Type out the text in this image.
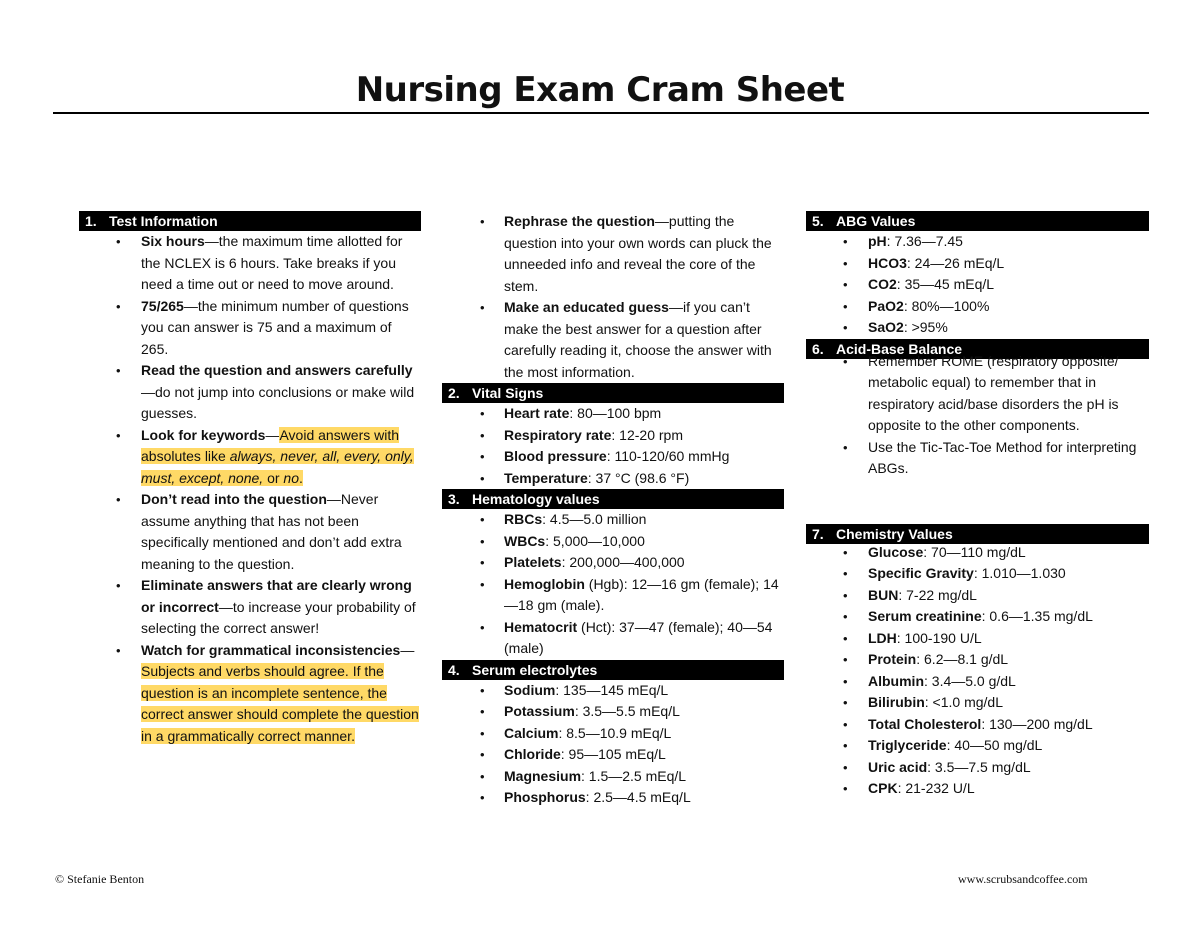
Nursing Exam Cram Sheet
1. Test Information
• Six hours—the maximum time allotted for the NCLEX is 6 hours. Take breaks if you need a time out or need to move around.
• 75/265—the minimum number of questions you can answer is 75 and a maximum of 265.
• Read the question and answers carefully—do not jump into conclusions or make wild guesses.
• Look for keywords—Avoid answers with absolutes like always, never, all, every, only, must, except, none, or no.
• Don’t read into the question—Never assume anything that has not been specifically mentioned and don’t add extra meaning to the question.
• Eliminate answers that are clearly wrong or incorrect—to increase your probability of selecting the correct answer!
• Watch for grammatical inconsistencies—Subjects and verbs should agree. If the question is an incomplete sentence, the correct answer should complete the question in a grammatically correct manner.
• Rephrase the question—putting the question into your own words can pluck the unneeded info and reveal the core of the stem.
• Make an educated guess—if you can’t make the best answer for a question after carefully reading it, choose the answer with the most information.
2. Vital Signs
• Heart rate: 80—100 bpm
• Respiratory rate: 12-20 rpm
• Blood pressure: 110-120/60 mmHg
• Temperature: 37 °C (98.6 °F)
3. Hematology values
• RBCs: 4.5—5.0 million
• WBCs: 5,000—10,000
• Platelets: 200,000—400,000
• Hemoglobin (Hgb): 12—16 gm (female); 14—18 gm (male).
• Hematocrit (Hct): 37—47 (female); 40—54 (male)
4. Serum electrolytes
• Sodium: 135—145 mEq/L
• Potassium: 3.5—5.5 mEq/L
• Calcium: 8.5—10.9 mEq/L
• Chloride: 95—105 mEq/L
• Magnesium: 1.5—2.5 mEq/L
• Phosphorus: 2.5—4.5 mEq/L
5. ABG Values
• pH: 7.36—7.45
• HCO3: 24—26 mEq/L
• CO2: 35—45 mEq/L
• PaO2: 80%—100%
• SaO2: >95%
6. Acid-Base Balance
• Remember ROME (respiratory opposite/ metabolic equal) to remember that in respiratory acid/base disorders the pH is opposite to the other components.
• Use the Tic-Tac-Toe Method for interpreting ABGs.
7. Chemistry Values
• Glucose: 70—110 mg/dL
• Specific Gravity: 1.010—1.030
• BUN: 7-22 mg/dL
• Serum creatinine: 0.6—1.35 mg/dL
• LDH: 100-190 U/L
• Protein: 6.2—8.1 g/dL
• Albumin: 3.4—5.0 g/dL
• Bilirubin: <1.0 mg/dL
• Total Cholesterol: 130—200 mg/dL
• Triglyceride: 40—50 mg/dL
• Uric acid: 3.5—7.5 mg/dL
• CPK: 21-232 U/L
© Stefanie Benton	www.scrubsandcoffee.com
